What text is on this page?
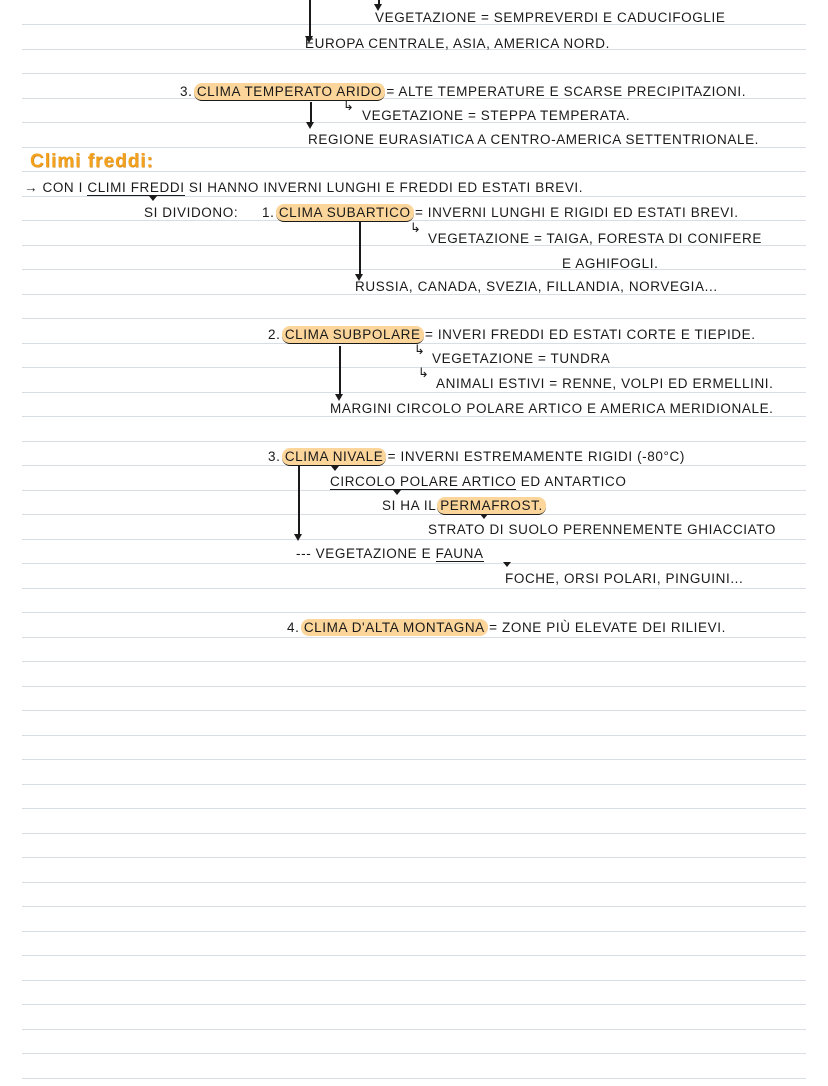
VEGETAZIONE = SEMPREVERDI E CADUCIFOGLIE
EUROPA CENTRALE, ASIA, AMERICA NORD.
3. CLIMA TEMPERATO ARIDO = ALTE TEMPERATURE E SCARSE PRECIPITAZIONI.
↳
VEGETAZIONE = STEPPA TEMPERATA.
REGIONE EURASIATICA A CENTRO-AMERICA SETTENTRIONALE.
Climi freddi:
→ CON I CLIMI FREDDI SI HANNO INVERNI LUNGHI E FREDDI ED ESTATI BREVI.
SI DIVIDONO: 1. CLIMA SUBARTICO = INVERNI LUNGHI E RIGIDI ED ESTATI BREVI.
↳
VEGETAZIONE = TAIGA, FORESTA DI CONIFERE
E AGHIFOGLI.
RUSSIA, CANADA, SVEZIA, FILLANDIA, NORVEGIA...
2. CLIMA SUBPOLARE = INVERI FREDDI ED ESTATI CORTE E TIEPIDE.
↳
VEGETAZIONE = TUNDRA
↳
ANIMALI ESTIVI = RENNE, VOLPI ED ERMELLINI.
MARGINI CIRCOLO POLARE ARTICO E AMERICA MERIDIONALE.
3. CLIMA NIVALE = INVERNI ESTREMAMENTE RIGIDI (-80°C)
CIRCOLO POLARE ARTICO ED ANTARTICO
SI HA IL PERMAFROST.
STRATO DI SUOLO PERENNEMENTE GHIACCIATO
--- VEGETAZIONE E FAUNA
FOCHE, ORSI POLARI, PINGUINI...
4. CLIMA D'ALTA MONTAGNA = ZONE PIÙ ELEVATE DEI RILIEVI.
